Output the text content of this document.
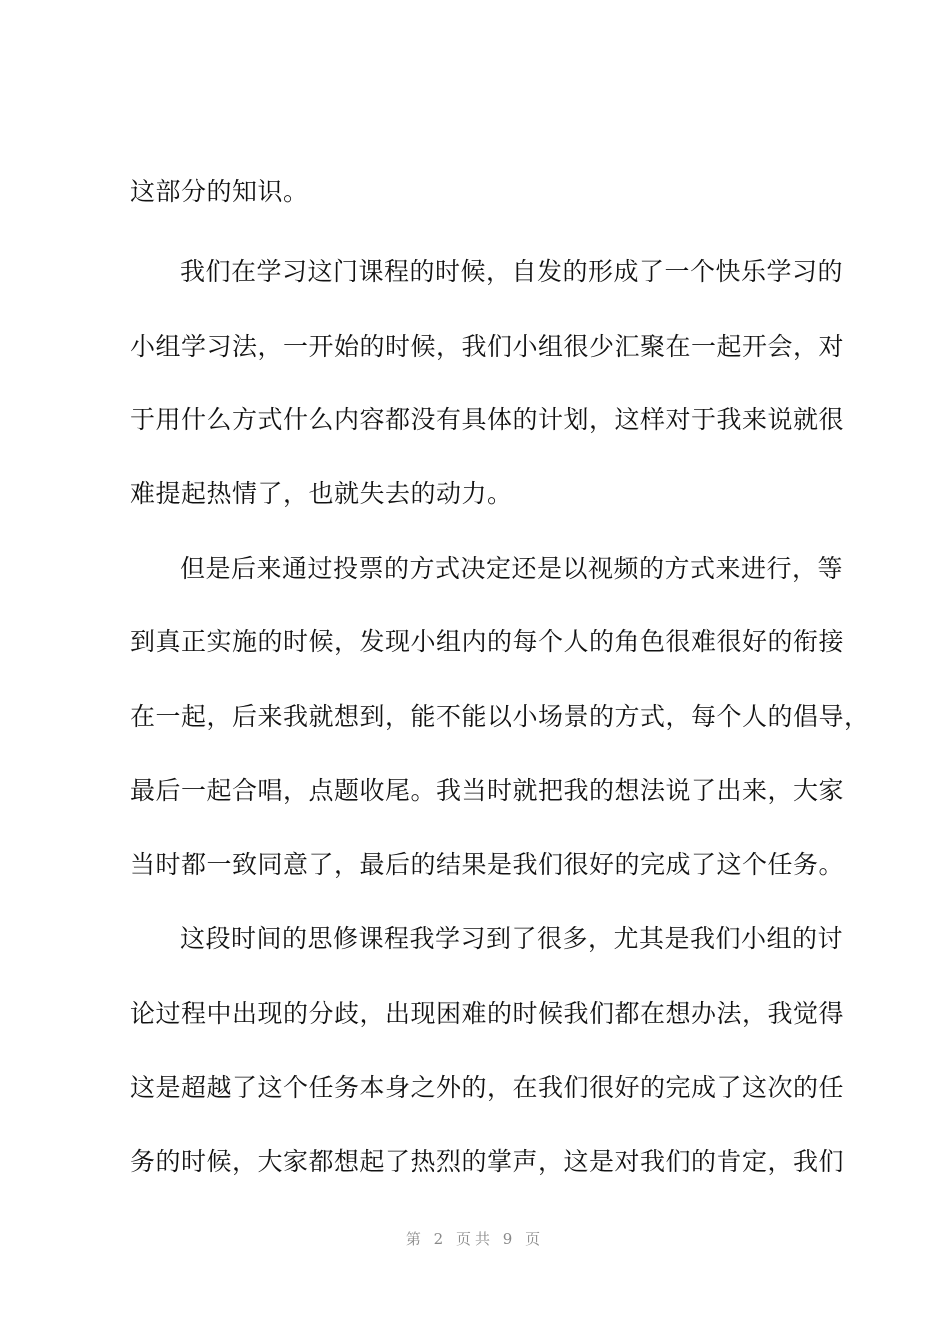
这部分的知识。
我们在学习这门课程的时候，自发的形成了一个快乐学习的
小组学习法，一开始的时候，我们小组很少汇聚在一起开会，对
于用什么方式什么内容都没有具体的计划，这样对于我来说就很
难提起热情了，也就失去的动力。
但是后来通过投票的方式决定还是以视频的方式来进行，等
到真正实施的时候，发现小组内的每个人的角色很难很好的衔接
在一起，后来我就想到，能不能以小场景的方式，每个人的倡导，
最后一起合唱，点题收尾。我当时就把我的想法说了出来，大家
当时都一致同意了，最后的结果是我们很好的完成了这个任务。
这段时间的思修课程我学习到了很多，尤其是我们小组的讨
论过程中出现的分歧，出现困难的时候我们都在想办法，我觉得
这是超越了这个任务本身之外的，在我们很好的完成了这次的任
务的时候，大家都想起了热烈的掌声，这是对我们的肯定，我们
第 2 页共 9 页
